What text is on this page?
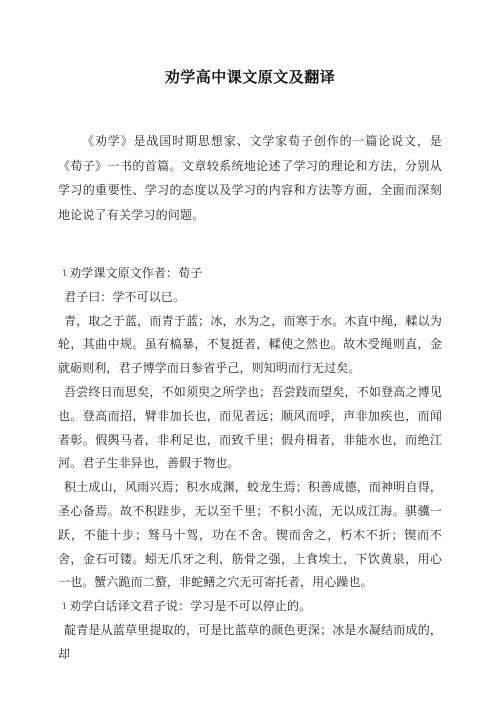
劝学高中课文原文及翻译

《劝学》是战国时期思想家、文学家荀子创作的一篇论说文，是《荀子》一书的首篇。文章较系统地论述了学习的理论和方法，分别从学习的重要性、学习的态度以及学习的内容和方法等方面，全面而深刻地论说了有关学习的问题。

1 劝学课文原文作者：荀子

君子曰：学不可以已。

青，取之于蓝，而青于蓝；冰，水为之，而寒于水。木直中绳，輮以为轮，其曲中规。虽有槁暴，不复挺者，輮使之然也。故木受绳则直，金就砺则利，君子博学而日参省乎己，则知明而行无过矣。

吾尝终日而思矣，不如须臾之所学也；吾尝跂而望矣，不如登高之博见也。登高而招，臂非加长也，而见者远；顺风而呼，声非加疾也，而闻者彰。假舆马者，非利足也，而致千里；假舟楫者，非能水也，而绝江河。君子生非异也，善假于物也。

积土成山，风雨兴焉；积水成渊，蛟龙生焉；积善成德，而神明自得，圣心备焉。故不积跬步，无以至千里；不积小流，无以成江海。骐骥一跃，不能十步；驽马十驾，功在不舍。锲而舍之，朽木不折；锲而不舍，金石可镂。蚓无爪牙之利，筋骨之强，上食埃土，下饮黄泉，用心一也。蟹六跪而二螯，非蛇鳝之穴无可寄托者，用心躁也。

1 劝学白话译文君子说：学习是不可以停止的。

靛青是从蓝草里提取的，可是比蓝草的颜色更深；冰是水凝结而成的，却
